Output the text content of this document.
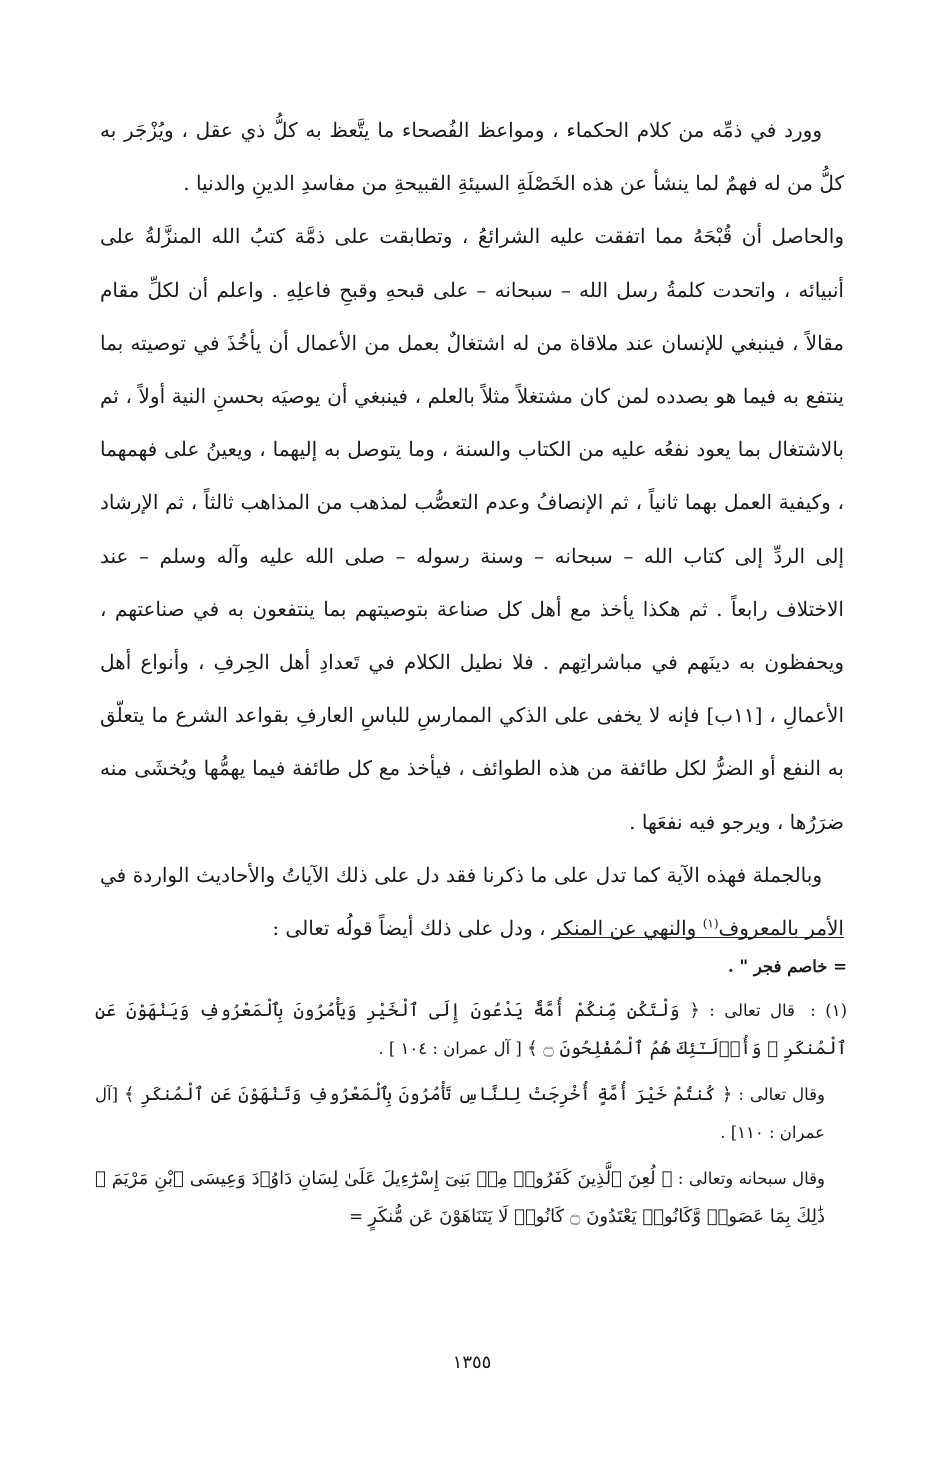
وورد في ذمِّه من كلام الحكماء ، ومواعظ الفُصحاء ما يتَّعظ به كلُّ ذي عقل ، ويُزْجَر به كلُّ من له فهمٌ لما ينشأ عن هذه الخَصْلَةِ السيئةِ القبيحةِ من مفاسدِ الدينِ والدنيا .

والحاصل أن قُبْحَهُ مما اتفقت عليه الشرائعُ ، وتطابقت على ذمَّة كتبُ الله المنزَّلةُ على أنبيائه ، واتحدت كلمةُ رسل الله – سبحانه – على قبحهِ وقبحِ فاعلِهِ . واعلم أن لكلِّ مقام مقالاً ، فينبغي للإنسان عند ملاقاة من له اشتغالٌ بعمل من الأعمال أن يأخُذَ في توصيته بما ينتفع به فيما هو بصدده لمن كان مشتغلاً مثلاً بالعلم ، فينبغي أن يوصيَه بحسنِ النية أولاً ، ثم بالاشتغال بما يعود نفعُه عليه من الكتاب والسنة ، وما يتوصل به إليهما ، ويعينُ على فهمهما ، وكيفية العمل بهما ثانياً ، ثم الإنصافُ وعدم التعصُّب لمذهب من المذاهب ثالثاً ، ثم الإرشاد إلى الردِّ إلى كتاب الله – سبحانه – وسنة رسوله – صلى الله عليه وآله وسلم – عند الاختلاف رابعاً . ثم هكذا يأخذ مع أهل كل صناعة بتوصيتهم بما ينتفعون به في صناعتهم ، ويحفظون به دينَهم في مباشراتِهم . فلا نطيل الكلام في تَعدادِ أهل الحِرفِ ، وأنواع أهل الأعمالِ ، [١١ب] فإنه لا يخفى على الذكي الممارسِ للباسِ العارفِ بقواعد الشرع ما يتعلّق به النفع أو الضرُّ لكل طائفة من هذه الطوائف ، فيأخذ مع كل طائفة فيما يهمُّها ويُخشَى منه ضرَرُها ، ويرجو فيه نفعَها .

وبالجملة فهذه الآية كما تدل على ما ذكرنا فقد دل على ذلك الآياتُ والأحاديث الواردة في الأمر بالمعروف$^{(١)}$ والنهي عن المنكر ، ودل على ذلك أيضاً قولُه تعالى :

= خاصم فجر " .

(١) : قال تعالى : ﴿ وَلْتَكُن مِّنكُمْ أُمَّةٌ يَدْعُونَ إِلَى ٱلْخَيْرِ وَيَأْمُرُونَ بِٱلْمَعْرُوفِ وَيَنْهَوْنَ عَنِ ٱلْمُنكَرِ ۚ وَأُو۟لَـٰٓئِكَ هُمُ ٱلْمُفْلِحُونَ ۝ ﴾ [ آل عمران : ١٠٤ ] .

وقال تعالى : ﴿ كُنتُمْ خَيْرَ أُمَّةٍ أُخْرِجَتْ لِلنَّاسِ تَأْمُرُونَ بِٱلْمَعْرُوفِ وَتَنْهَوْنَ عَنِ ٱلْمُنكَرِ ﴾ [آل عمران : ١١٠] .

وقال سبحانه وتعالى : ﴿ لُعِنَ ٱلَّذِينَ كَفَرُوا۟ مِنۢ بَنِىٓ إِسْرَٰٓءِيلَ عَلَىٰ لِسَانِ دَاوُۥدَ وَعِيسَى ٱبْنِ مَرْيَمَ ۚ ذَٰلِكَ بِمَا عَصَوا۟ وَّكَانُوا۟ يَعْتَدُونَ ۝ كَانُوا۟ لَا يَتَنَاهَوْنَ عَن مُّنكَرٍ =

١٣٥٥
